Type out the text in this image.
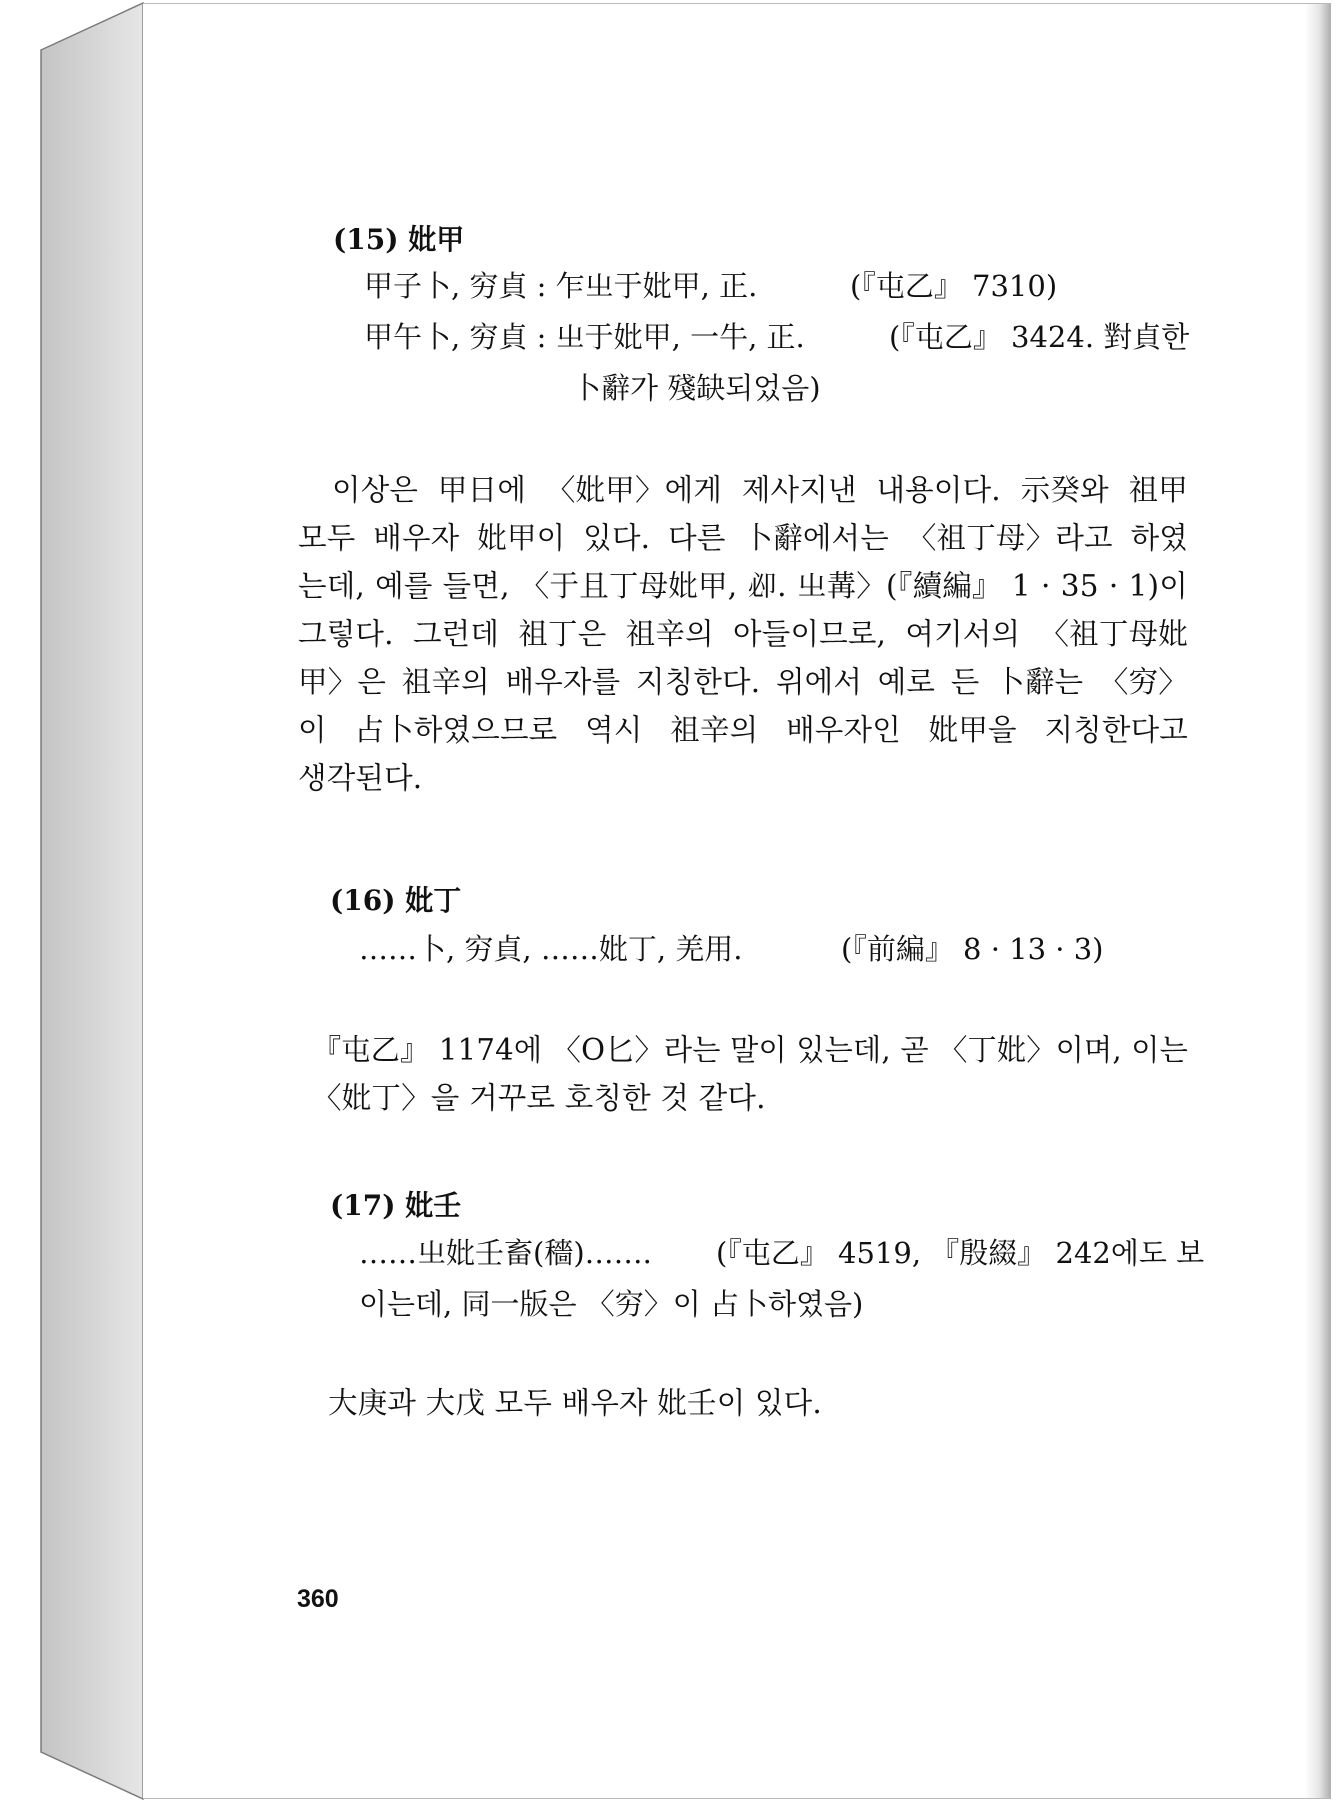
(15) 妣甲

甲子卜, 穷貞 : 乍㞢于妣甲, 正.	(『屯乙』 7310)

甲午卜, 穷貞 : 㞢于妣甲, 一牛, 正.	(『屯乙』 3424. 對貞한

卜辭가 殘缺되었음)

이상은 甲日에 〈妣甲〉에게 제사지낸 내용이다. 示癸와 祖甲

모두 배우자 妣甲이 있다. 다른 卜辭에서는 〈祖丁母〉라고 하였

는데, 예를 들면, 〈于且丁母妣甲, 𠨘. 㞢冓〉(『續編』 1 · 35 · 1)이

그렇다. 그런데 祖丁은 祖辛의 아들이므로, 여기서의 〈祖丁母妣

甲〉은 祖辛의 배우자를 지칭한다. 위에서 예로 든 卜辭는 〈穷〉

이 占卜하였으므로 역시 祖辛의 배우자인 妣甲을 지칭한다고

생각된다.

(16) 妣丁

……卜, 穷貞, ……妣丁, 羌用.	(『前編』 8 · 13 · 3)

『屯乙』 1174에 〈O匕〉라는 말이 있는데, 곧 〈丁妣〉이며, 이는

〈妣丁〉을 거꾸로 호칭한 것 같다.

(17) 妣壬

……㞢妣壬畜(穡)……. (『屯乙』 4519, 『殷綴』 242에도 보

이는데, 同一版은 〈穷〉이 占卜하였음)

大庚과 大戊 모두 배우자 妣壬이 있다.

360
